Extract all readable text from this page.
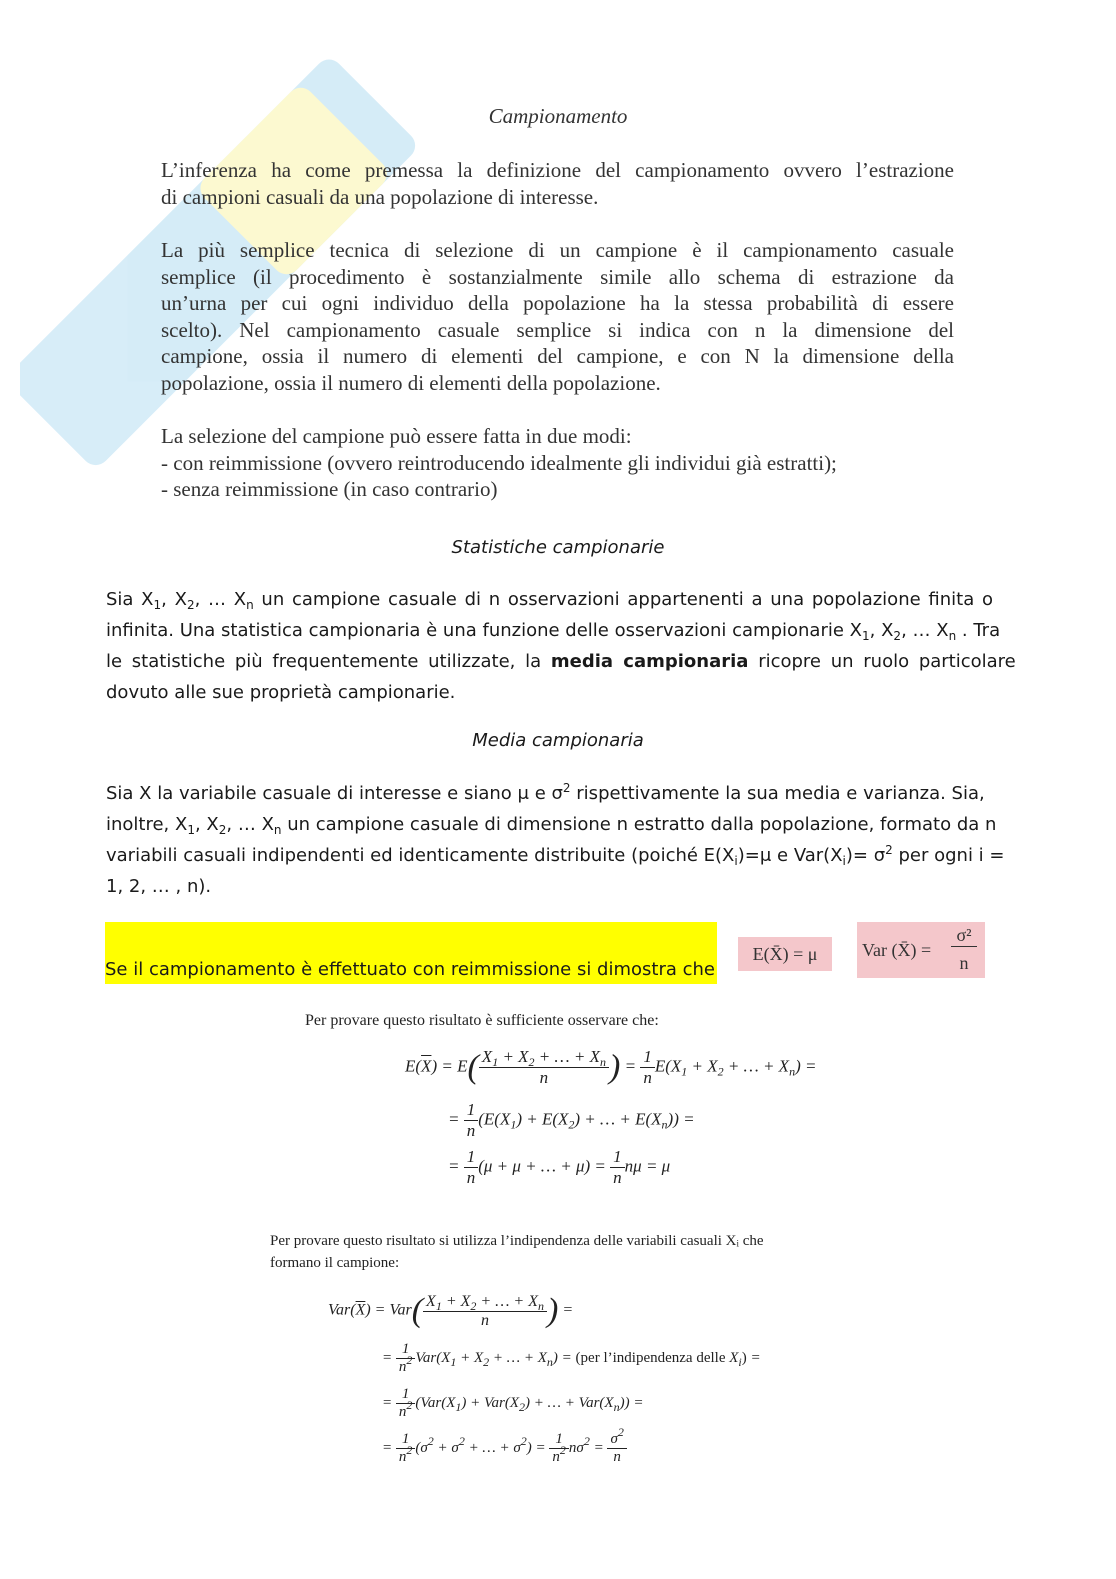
Campionamento
L’inferenza ha come premessa la definizione del campionamento ovvero l’estrazione
di campioni casuali da una popolazione di interesse.
La più semplice tecnica di selezione di un campione è il campionamento casuale
semplice (il procedimento è sostanzialmente simile allo schema di estrazione da
un’urna per cui ogni individuo della popolazione ha la stessa probabilità di essere
scelto). Nel campionamento casuale semplice si indica con n la dimensione del
campione, ossia il numero di elementi del campione, e con N la dimensione della
popolazione, ossia il numero di elementi della popolazione.
La selezione del campione può essere fatta in due modi:
- con reimmissione (ovvero reintroducendo idealmente gli individui già estratti);
- senza reimmissione (in caso contrario)
Statistiche campionarie
Sia $X_1$, $X_2$, … $X_n$ un campione casuale di n osservazioni appartenenti a una popolazione finita o
infinita. Una statistica campionaria è una funzione delle osservazioni campionarie $X_1$, $X_2$, … $X_n$ . Tra
le statistiche più frequentemente utilizzate, la media campionaria ricopre un ruolo particolare
dovuto alle sue proprietà campionarie.
Media campionaria
Sia X la variabile casuale di interesse e siano μ e $\sigma^2$ rispettivamente la sua media e varianza. Sia,
inoltre, $X_1$, $X_2$, … $X_n$ un campione casuale di dimensione n estratto dalla popolazione, formato da n
variabili casuali indipendenti ed identicamente distribuite (poiché $E(X_i)=\mu$ e $Var(X_i)= \sigma^2$ per ogni i =
1, 2, … , n).
Se il campionamento è effettuato con reimmissione si dimostra che
E(X̄) = μ	Var (X̄) =
σ²
n
Per provare questo risultato è sufficiente osservare che:
$E(\overline{X}) = E( \frac{X_1 + X_2 + \dots + X_n}{n}$ ) = $\frac{1}{n} E(X_1 + X_2$ + … + $X_n$) =
= $\frac{1}{n} (E(X_1) + E(X_2)$ + … + $E(X_n)$) =
= $\frac{1}{n} (\mu + \mu$ + … + $\mu) = \frac{1}{n}$ nμ = μ
Per provare questo risultato si utilizza l’indipendenza delle variabili casuali Xᵢ che
formano il campione:
$Var(\overline{X}) = Var( \frac{X_1 + X_2 + \dots + X_n}{n}$ ) =
= $\frac{1}{n^2} Var(X_1 + X_2$ + … + $X_n) = (per$ l’indipendenza delle $X_i$) =
= $\frac{1}{n^2} (Var(X_1) + Var(X_2)$ + … + $Var(X_n)$) =
= $\frac{1}{n^2} (\sigma^2 + \sigma^2$ + … + $\sigma^2) = \frac{1}{n^2} n\sigma^2 = \frac{\sigma^2}{n}$
